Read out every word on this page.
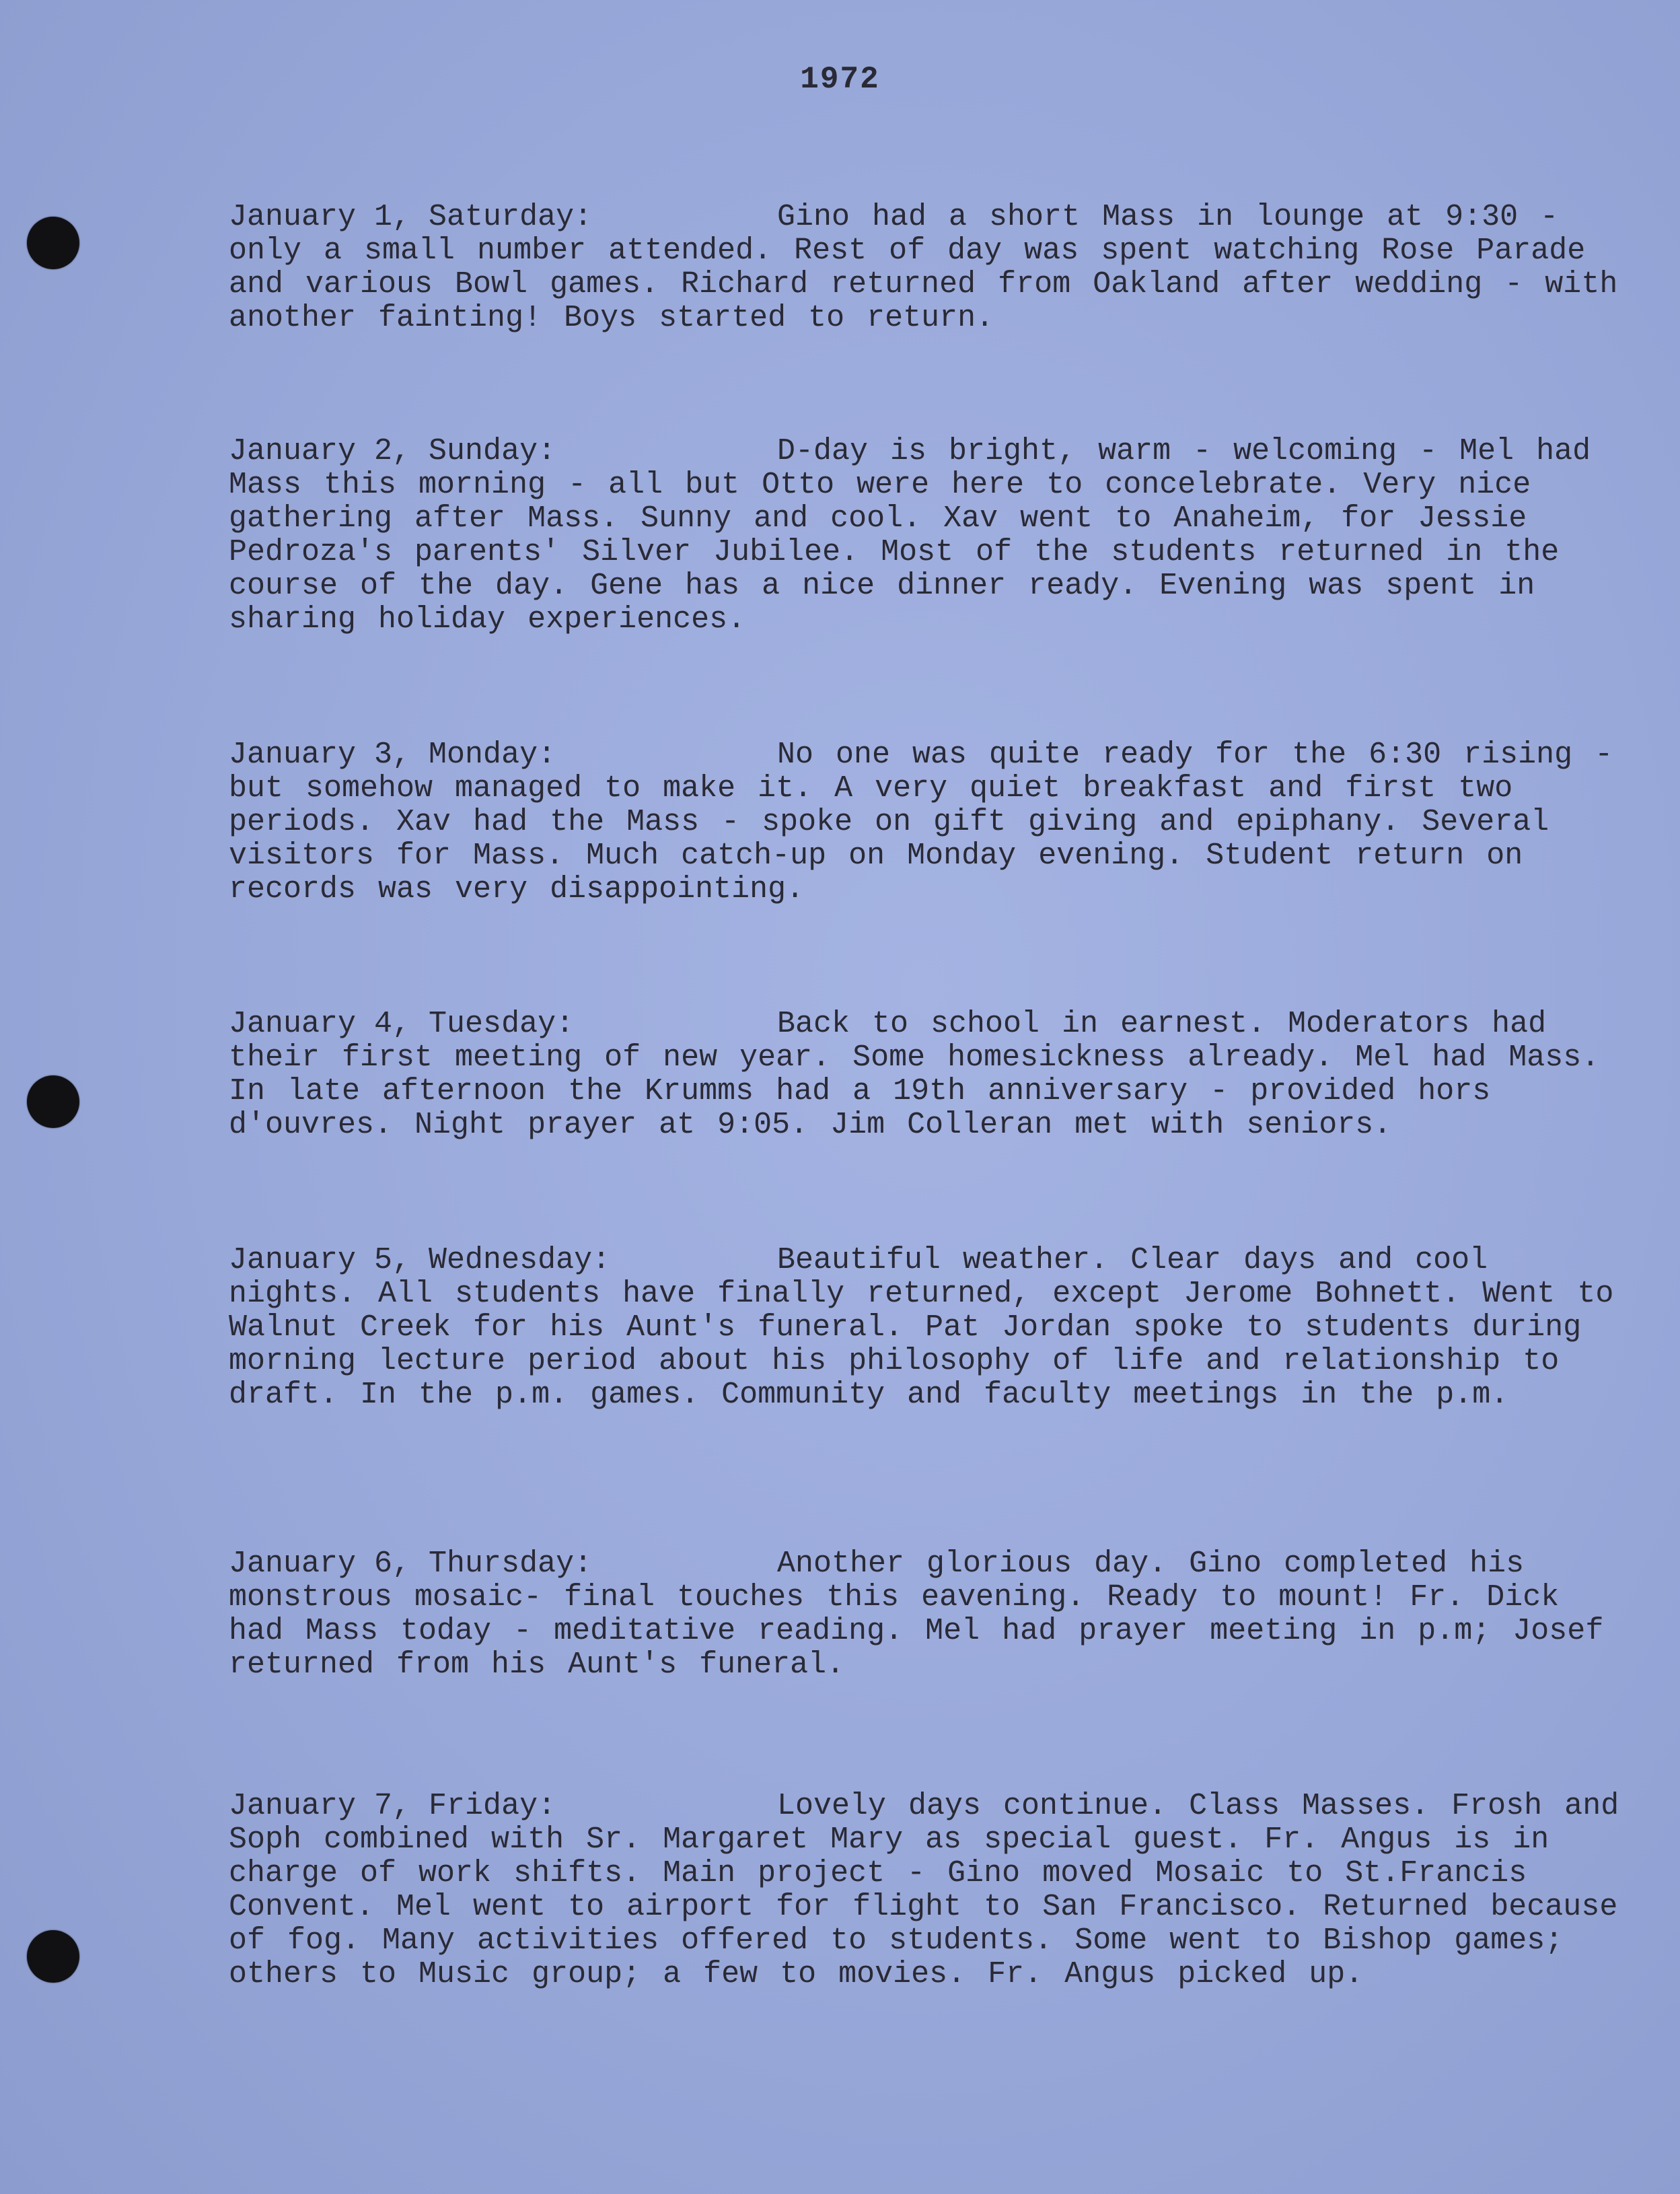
1972
January 1, Saturday:	Gino had a short Mass in lounge at 9:30 - only a small number attended. Rest of day was spent watching Rose Parade and various Bowl games. Richard returned from Oakland after wedding - with another fainting! Boys started to return.

January 2, Sunday:	D-day is bright, warm - welcoming - Mel had Mass this morning - all but Otto were here to concelebrate. Very nice gathering after Mass. Sunny and cool. Xav went to Anaheim, for Jessie Pedroza's parents' Silver Jubilee. Most of the students returned in the course of the day. Gene has a nice dinner ready. Evening was spent in sharing holiday experiences.

January 3, Monday:	No one was quite ready for the 6:30 rising - but somehow managed to make it. A very quiet breakfast and first two periods. Xav had the Mass - spoke on gift giving and epiphany. Several visitors for Mass. Much catch-up on Monday evening. Student return on records was very disappointing.

January 4, Tuesday:	Back to school in earnest. Moderators had their first meeting of new year. Some homesickness already. Mel had Mass. In late afternoon the Krumms had a 19th anniversary - provided hors d'ouvres. Night prayer at 9:05. Jim Colleran met with seniors.

January 5, Wednesday:	Beautiful weather. Clear days and cool nights. All students have finally returned, except Jerome Bohnett. Went to Walnut Creek for his Aunt's funeral. Pat Jordan spoke to students during morning lecture period about his philosophy of life and relationship to draft. In the p.m. games. Community and faculty meetings in the p.m.

January 6, Thursday:	Another glorious day. Gino completed his monstrous mosaic- final touches this eavening. Ready to mount! Fr. Dick had Mass today - meditative reading. Mel had prayer meeting in p.m; Josef returned from his Aunt's funeral.

January 7, Friday:	Lovely days continue. Class Masses. Frosh and Soph combined with Sr. Margaret Mary as special guest. Fr. Angus is in charge of work shifts. Main project - Gino moved Mosaic to St.Francis Convent. Mel went to airport for flight to San Francisco. Returned because of fog. Many activities offered to students. Some went to Bishop games; others to Music group; a few to movies. Fr. Angus picked up.
